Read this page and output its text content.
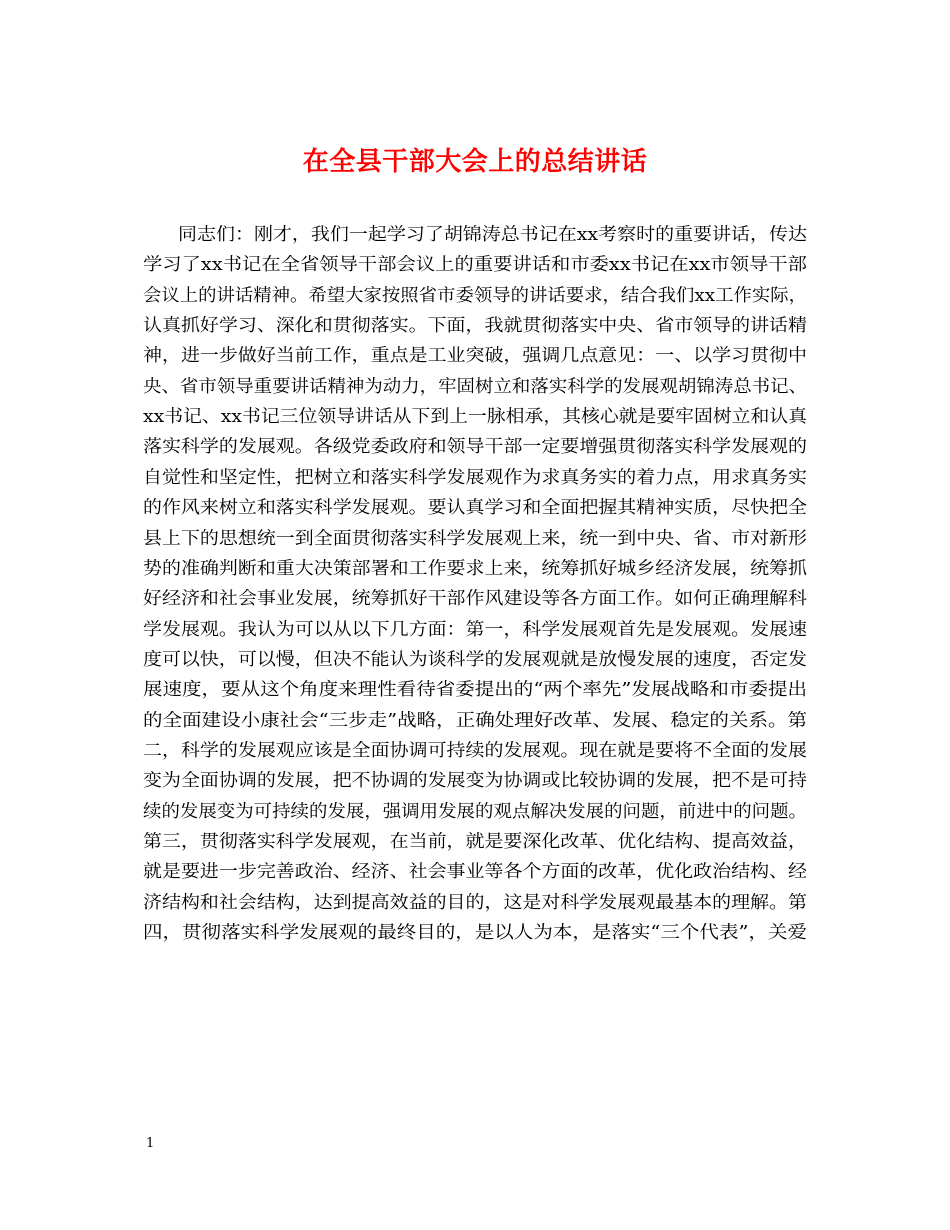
在全县干部大会上的总结讲话
同志们：刚才，我们一起学习了胡锦涛总书记在xx考察时的重要讲话，传达
学习了xx书记在全省领导干部会议上的重要讲话和市委xx书记在xx市领导干部
会议上的讲话精神。希望大家按照省市委领导的讲话要求，结合我们xx工作实际，
认真抓好学习、深化和贯彻落实。下面，我就贯彻落实中央、省市领导的讲话精
神，进一步做好当前工作，重点是工业突破，强调几点意见：一、以学习贯彻中
央、省市领导重要讲话精神为动力，牢固树立和落实科学的发展观胡锦涛总书记、
xx书记、xx书记三位领导讲话从下到上一脉相承，其核心就是要牢固树立和认真
落实科学的发展观。各级党委政府和领导干部一定要增强贯彻落实科学发展观的
自觉性和坚定性，把树立和落实科学发展观作为求真务实的着力点，用求真务实
的作风来树立和落实科学发展观。要认真学习和全面把握其精神实质，尽快把全
县上下的思想统一到全面贯彻落实科学发展观上来，统一到中央、省、市对新形
势的准确判断和重大决策部署和工作要求上来，统筹抓好城乡经济发展，统筹抓
好经济和社会事业发展，统筹抓好干部作风建设等各方面工作。如何正确理解科
学发展观。我认为可以从以下几方面：第一，科学发展观首先是发展观。发展速
度可以快，可以慢，但决不能认为谈科学的发展观就是放慢发展的速度，否定发
展速度，要从这个角度来理性看待省委提出的“两个率先”发展战略和市委提出
的全面建设小康社会“三步走”战略，正确处理好改革、发展、稳定的关系。第
二，科学的发展观应该是全面协调可持续的发展观。现在就是要将不全面的发展
变为全面协调的发展，把不协调的发展变为协调或比较协调的发展，把不是可持
续的发展变为可持续的发展，强调用发展的观点解决发展的问题，前进中的问题。
第三，贯彻落实科学发展观，在当前，就是要深化改革、优化结构、提高效益，
就是要进一步完善政治、经济、社会事业等各个方面的改革，优化政治结构、经
济结构和社会结构，达到提高效益的目的，这是对科学发展观最基本的理解。第
四，贯彻落实科学发展观的最终目的，是以人为本，是落实“三个代表”，关爱
1
